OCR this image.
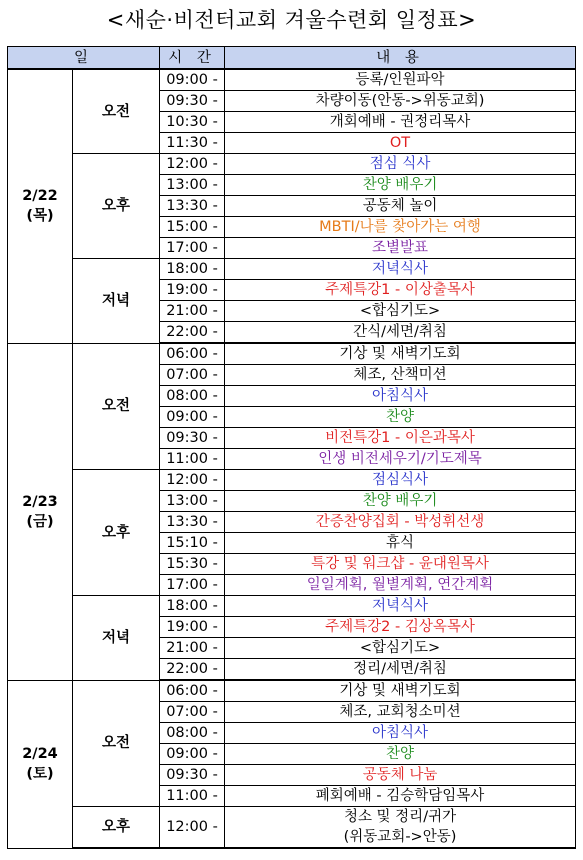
<새순·비전터교회 겨울수련회 일정표>
일		시 간	내 용

2/22
(목)	오전	09:00 -	등록/인원파악
		09:30 -	차량이동(안동->위동교회)
		10:30 -	개회예배 - 권정리목사
		11:30 -	OT
	오후	12:00 -	점심 식사
		13:00 -	찬양 배우기
		13:30 -	공동체 놀이
		15:00 -	MBTI/나를 찾아가는 여행
		17:00 -	조별발표
	저녁	18:00 -	저녁식사
		19:00 -	주제특강1 - 이상출목사
		21:00 -	<합심기도>
		22:00 -	간식/세면/취침

2/23
(금)	오전	06:00 -	기상 및 새벽기도회
		07:00 -	체조, 산책미션
		08:00 -	아침식사
		09:00 -	찬양
		09:30 -	비전특강1 - 이은과목사
		11:00 -	인생 비전세우기/기도제목
	오후	12:00 -	점심식사
		13:00 -	찬양 배우기
		13:30 -	간증찬양집회 - 박성휘선생
		15:10 -	휴식
		15:30 -	특강 및 워크샵 - 윤대원목사
		17:00 -	일일계획, 월별계획, 연간계획
	저녁	18:00 -	저녁식사
		19:00 -	주제특강2 - 김상옥목사
		21:00 -	<합심기도>
		22:00 -	정리/세면/취침

2/24
(토)	오전	06:00 -	기상 및 새벽기도회
		07:00 -	체조, 교회청소미션
		08:00 -	아침식사
		09:00 -	찬양
		09:30 -	공동체 나눔
		11:00 -	폐회예배 - 김승학담임목사
	오후	12:00 -	청소 및 정리/귀가
(위동교회->안동)
